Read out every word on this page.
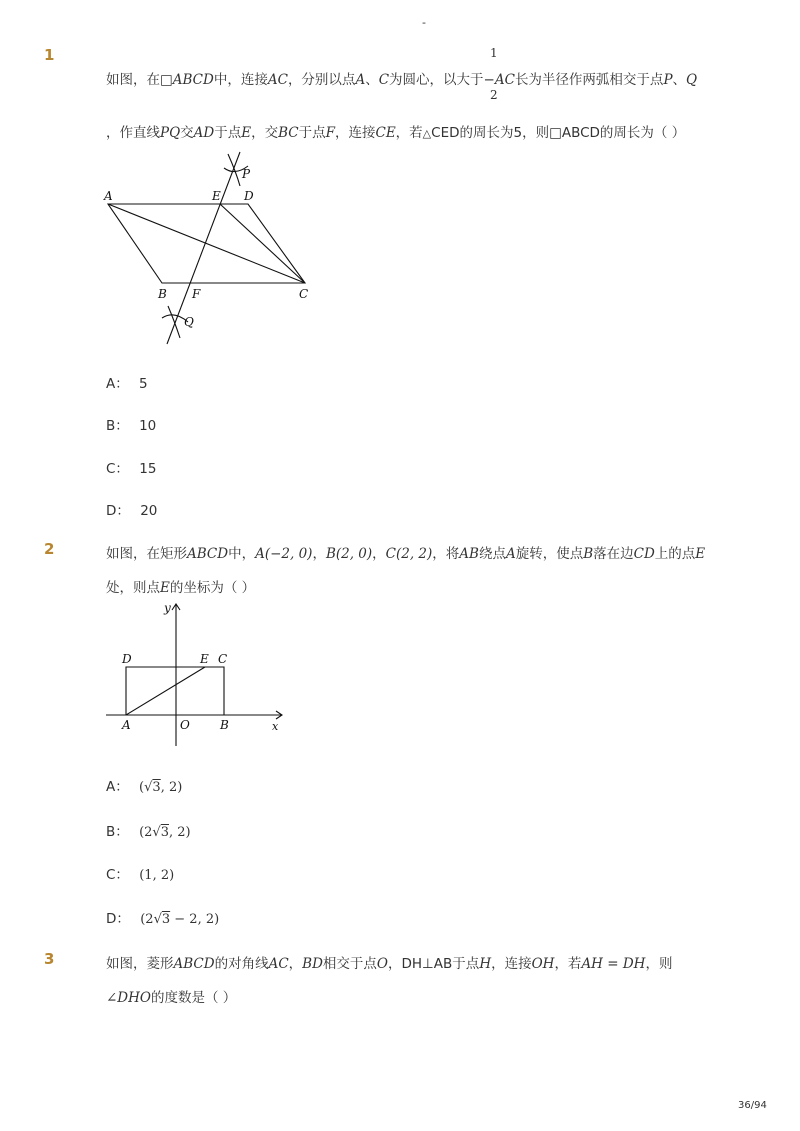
-
1	1
如图，在□ABCD中，连接AC，分别以点A、C为圆心，以大于−AC长为半径作两弧相交于点P、Q
2
，作直线PQ交AD于点E，交BC于点F，连接CE，若△CED的周长为5，则□ABCD的周长为（ ）
A	E D
P
B F	C
Q
A： 5
B： 10
C： 15
D： 20
2	如图，在矩形ABCD中，A(−2, 0)，B(2, 0)，C(2, 2)，将AB绕点A旋转，使点B落在边CD上的点E
处，则点E的坐标为（ ）
y
D	E C
A	O	B	x
A： (√3, 2)
B： (2√3, 2)
C： (1, 2)
D： (2√3 − 2, 2)
3	如图，菱形ABCD的对角线AC，BD相交于点O，DH⊥AB于点H，连接OH，若AH = DH，则
∠DHO的度数是（ ）
36/94
